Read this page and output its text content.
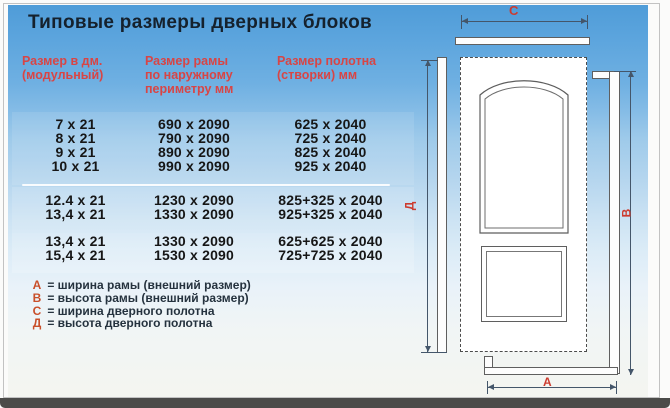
Типовые размеры дверных блоков
Размер в дм.
(модульный)
Размер рамы
по наружному
периметру мм
Размер полотна
(створки) мм
7 х 21	690 х 2090	625 х 2040
8 х 21	790 х 2090	725 х 2040
9 х 21	890 х 2090	825 х 2040
10 х 21	990 х 2090	925 х 2040
12.4 х 21	1230 х 2090	825+325 х 2040
13,4 х 21	1330 х 2090	925+325 х 2040
13,4 х 21	1330 х 2090	625+625 х 2040
15,4 х 21	1530 х 2090	725+725 х 2040
А = ширина рамы (внешний размер)
В = высота рамы (внешний размер)
С = ширина дверного полотна
Д = высота дверного полотна
С
Д
В
А
